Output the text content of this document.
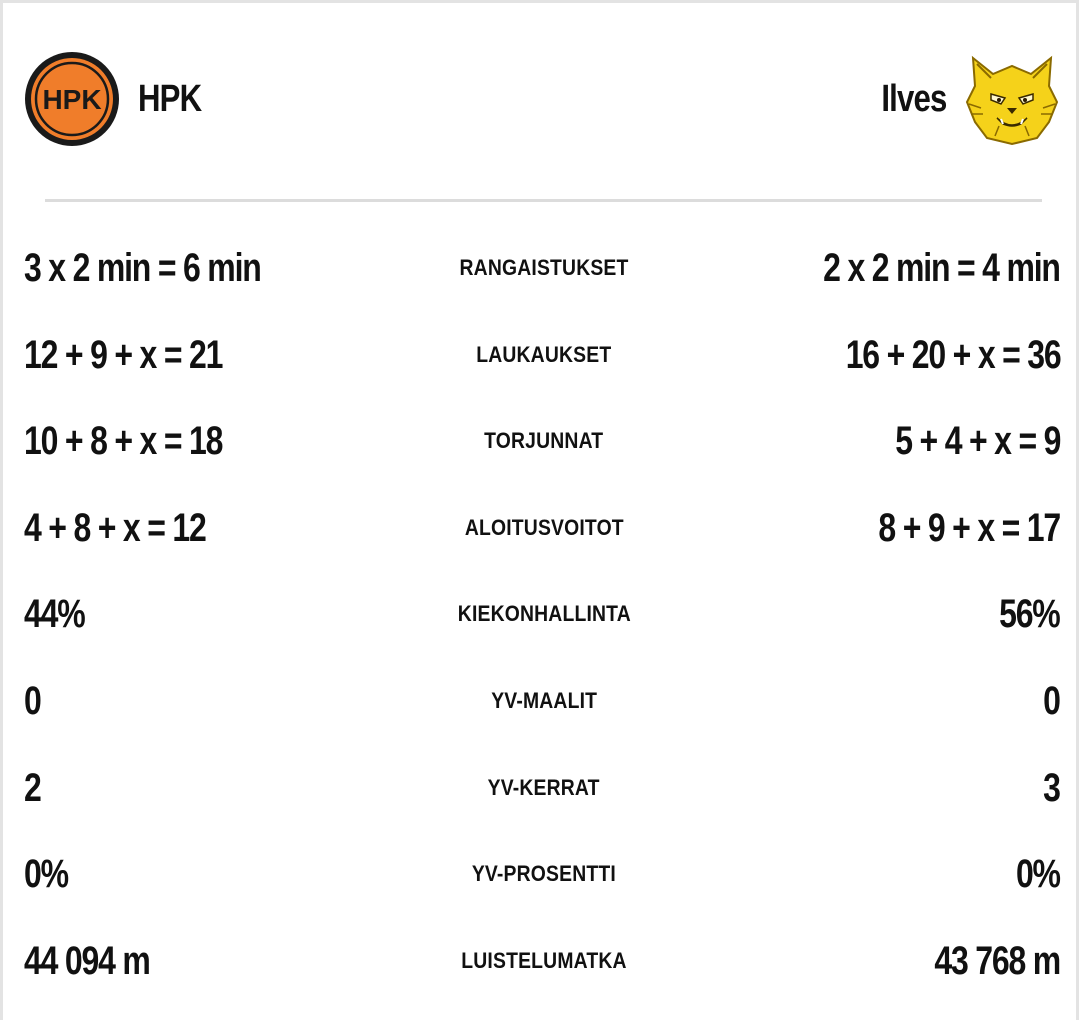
HPK HPK	Ilves
3 x 2 min = 6 min	RANGAISTUKSET	2 x 2 min = 4 min
12 + 9 + x = 21	LAUKAUKSET	16 + 20 + x = 36
10 + 8 + x = 18	TORJUNNAT	5 + 4 + x = 9
4 + 8 + x = 12	ALOITUSVOITOT	8 + 9 + x = 17
44%	KIEKONHALLINTA	56%
0	YV-MAALIT	0
2	YV-KERRAT	3
0%	YV-PROSENTTI	0%
44 094 m	LUISTELUMATKA	43 768 m
